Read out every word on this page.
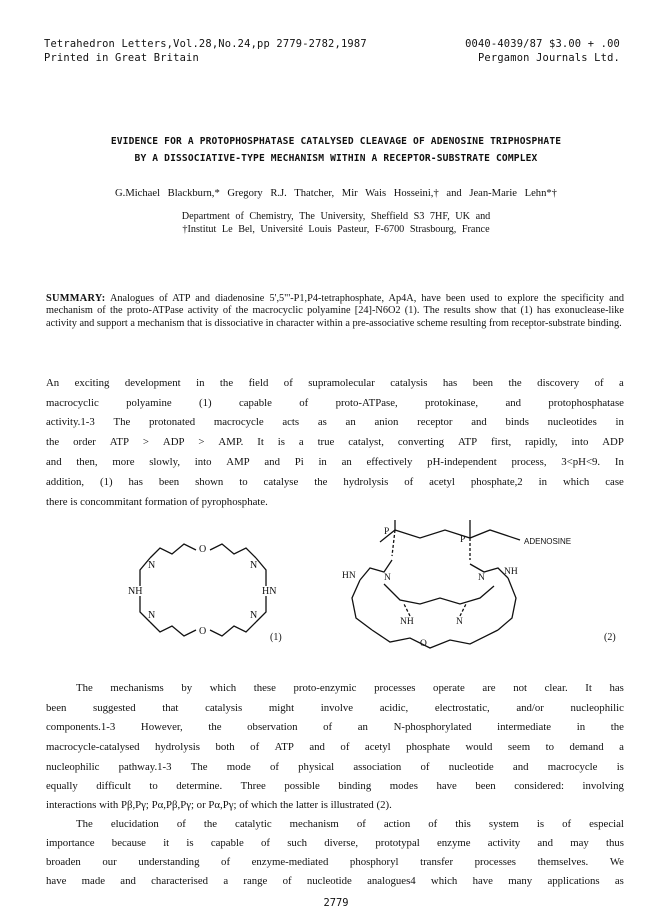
Tetrahedron Letters,Vol.28,No.24,pp 2779-2782,1987
Printed in Great Britain
0040-4039/87 $3.00 + .00
Pergamon Journals Ltd.
EVIDENCE FOR A PROTOPHOSPHATASE CATALYSED CLEAVAGE OF ADENOSINE TRIPHOSPHATE
BY A DISSOCIATIVE-TYPE MECHANISM WITHIN A RECEPTOR-SUBSTRATE COMPLEX
G.Michael Blackburn,* Gregory R.J. Thatcher, Mir Wais Hosseini,† and Jean-Marie Lehn*†
Department of Chemistry, The University, Sheffield S3 7HF, UK and
†Institut Le Bel, Université Louis Pasteur, F-6700 Strasbourg, France
SUMMARY: Analogues of ATP and diadenosine 5',5"'-P1,P4-tetraphosphate, Ap4A, have been used to explore the specificity and mechanism of the proto-ATPase activity of the macrocyclic polyamine [24]-N6O2 (1). The results show that (1) has exonuclease-like activity and support a mechanism that is dissociative in character within a pre-associative scheme resulting from receptor-substrate binding.
An exciting development in the field of supramolecular catalysis has been the discovery of a
macrocyclic	polyamine	(1)	capable	of	proto-ATPase,	protokinase,	and	protophosphatase
activity.1-3 The protonated macrocycle acts as an anion receptor and binds nucleotides in
the order ATP > ADP > AMP. It is a true catalyst, converting ATP first, rapidly, into ADP
and then, more slowly, into AMP and Pi in an effectively pH-independent process, 3<pH<9. In
addition, (1) has been shown to catalyse the hydrolysis of acetyl phosphate,2 in which case
there is concommitant formation of pyrophosphate.
O
O
NH	HN
N	N
N	N
P
P	ADENOSINE
HN	NH
N	N
NH	N
O
(1)	(2)
The mechanisms by which these proto-enzymic processes operate are not clear. It has
been suggested that catalysis might involve acidic, electrostatic, and/or nucleophilic
components.1-3 However, the observation of an N-phosphorylated intermediate in the
macrocycle-catalysed hydrolysis both of ATP and of acetyl phosphate would seem to demand a
nucleophilic pathway.1-3 The mode of physical association of nucleotide and macrocycle is
equally difficult to determine. Three possible binding modes have been considered: involving
interactions with Pβ,Pγ; Pα,Pβ,Pγ; or Pα,Pγ; of which the latter is illustrated (2).
The elucidation of the catalytic mechanism of action of this system is of especial
importance because it is capable of such diverse, prototypal enzyme activity and may thus
broaden our understanding of enzyme-mediated phosphoryl transfer processes themselves. We
have made and characterised a range of nucleotide analogues4 which have many applications as
2779
